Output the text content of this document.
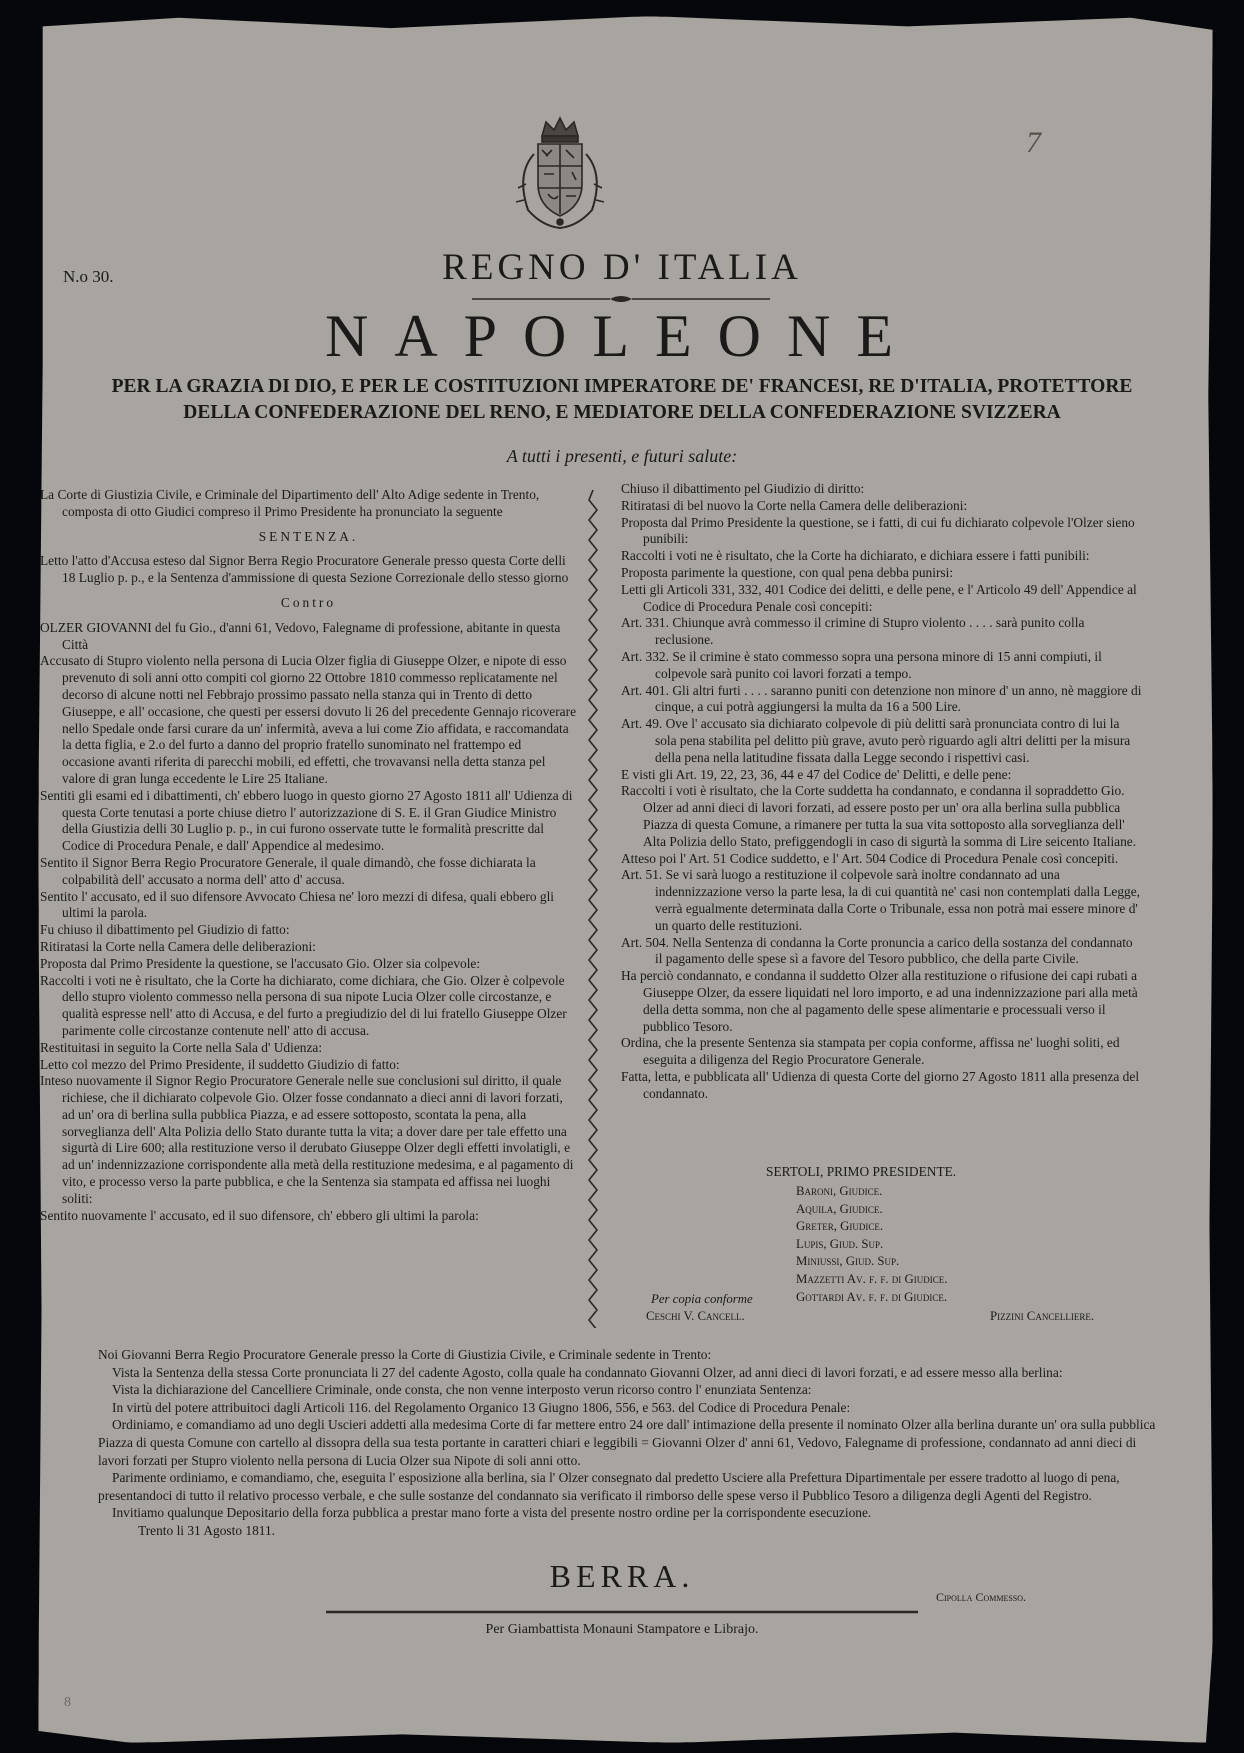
N.o 30.
7
REGNO D' ITALIA
NAPOLEONE
PER LA GRAZIA DI DIO, E PER LE COSTITUZIONI IMPERATORE DE' FRANCESI, RE D'ITALIA, PROTETTORE
DELLA CONFEDERAZIONE DEL RENO, E MEDIATORE DELLA CONFEDERAZIONE SVIZZERA
A tutti i presenti, e futuri salute:
La Corte di Giustizia Civile, e Criminale del Dipartimento dell' Alto Adige sedente in Trento, composta di otto Giudici compreso il Primo Presidente ha pronunciato la seguente
SENTENZA.
Letto l'atto d'Accusa esteso dal Signor Berra Regio Procuratore Generale presso questa Corte delli 18 Luglio p. p., e la Sentenza d'ammissione di questa Sezione Correzionale dello stesso giorno
Contro
OLZER GIOVANNI del fu Gio., d'anni 61, Vedovo, Falegname di professione, abitante in questa Città
Accusato di Stupro violento nella persona di Lucia Olzer figlia di Giuseppe Olzer, e nipote di esso prevenuto di soli anni otto compiti col giorno 22 Ottobre 1810 commesso replicatamente nel decorso di alcune notti nel Febbrajo prossimo passato nella stanza qui in Trento di detto Giuseppe, e all' occasione, che questi per essersi dovuto li 26 del precedente Gennajo ricoverare nello Spedale onde farsi curare da un' infermità, aveva a lui come Zio affidata, e raccomandata la detta figlia, e 2.o del furto a danno del proprio fratello sunominato nel frattempo ed occasione avanti riferita di parecchi mobili, ed effetti, che trovavansi nella detta stanza pel valore di gran lunga eccedente le Lire 25 Italiane.
Sentiti gli esami ed i dibattimenti, ch' ebbero luogo in questo giorno 27 Agosto 1811 all' Udienza di questa Corte tenutasi a porte chiuse dietro l' autorizzazione di S. E. il Gran Giudice Ministro della Giustizia delli 30 Luglio p. p., in cui furono osservate tutte le formalità prescritte dal Codice di Procedura Penale, e dall' Appendice al medesimo.
Sentito il Signor Berra Regio Procuratore Generale, il quale dimandò, che fosse dichiarata la colpabilità dell' accusato a norma dell' atto d' accusa.
Sentito l' accusato, ed il suo difensore Avvocato Chiesa ne' loro mezzi di difesa, quali ebbero gli ultimi la parola.
Fu chiuso il dibattimento pel Giudizio di fatto:
Ritiratasi la Corte nella Camera delle deliberazioni:
Proposta dal Primo Presidente la questione, se l'accusato Gio. Olzer sia colpevole:
Raccolti i voti ne è risultato, che la Corte ha dichiarato, come dichiara, che Gio. Olzer è colpevole dello stupro violento commesso nella persona di sua nipote Lucia Olzer colle circostanze, e qualità espresse nell' atto di Accusa, e del furto a pregiudizio del di lui fratello Giuseppe Olzer parimente colle circostanze contenute nell' atto di accusa.
Restituitasi in seguito la Corte nella Sala d' Udienza:
Letto col mezzo del Primo Presidente, il suddetto Giudizio di fatto:
Inteso nuovamente il Signor Regio Procuratore Generale nelle sue conclusioni sul diritto, il quale richiese, che il dichiarato colpevole Gio. Olzer fosse condannato a dieci anni di lavori forzati, ad un' ora di berlina sulla pubblica Piazza, e ad essere sottoposto, scontata la pena, alla sorveglianza dell' Alta Polizia dello Stato durante tutta la vita; a dover dare per tale effetto una sigurtà di Lire 600; alla restituzione verso il derubato Giuseppe Olzer degli effetti involatigli, e ad un' indennizzazione corrispondente alla metà della restituzione medesima, e al pagamento di vito, e processo verso la parte pubblica, e che la Sentenza sia stampata ed affissa nei luoghi soliti:
Sentito nuovamente l' accusato, ed il suo difensore, ch' ebbero gli ultimi la parola:
Chiuso il dibattimento pel Giudizio di diritto:
Ritiratasi di bel nuovo la Corte nella Camera delle deliberazioni:
Proposta dal Primo Presidente la questione, se i fatti, di cui fu dichiarato colpevole l'Olzer sieno punibili:
Raccolti i voti ne è risultato, che la Corte ha dichiarato, e dichiara essere i fatti punibili:
Proposta parimente la questione, con qual pena debba punirsi:
Letti gli Articoli 331, 332, 401 Codice dei delitti, e delle pene, e l' Articolo 49 dell' Appendice al Codice di Procedura Penale così concepiti:
Art. 331. Chiunque avrà commesso il crimine di Stupro violento . . . . sarà punito colla reclusione.
Art. 332. Se il crimine è stato commesso sopra una persona minore di 15 anni compiuti, il colpevole sarà punito coi lavori forzati a tempo.
Art. 401. Gli altri furti . . . . saranno puniti con detenzione non minore d' un anno, nè maggiore di cinque, a cui potrà aggiungersi la multa da 16 a 500 Lire.
Art. 49. Ove l' accusato sia dichiarato colpevole di più delitti sarà pronunciata contro di lui la sola pena stabilita pel delitto più grave, avuto però riguardo agli altri delitti per la misura della pena nella latitudine fissata dalla Legge secondo i rispettivi casi.
E visti gli Art. 19, 22, 23, 36, 44 e 47 del Codice de' Delitti, e delle pene:
Raccolti i voti è risultato, che la Corte suddetta ha condannato, e condanna il sopraddetto Gio. Olzer ad anni dieci di lavori forzati, ad essere posto per un' ora alla berlina sulla pubblica Piazza di questa Comune, a rimanere per tutta la sua vita sottoposto alla sorveglianza dell' Alta Polizia dello Stato, prefiggendogli in caso di sigurtà la somma di Lire seicento Italiane.
Atteso poi l' Art. 51 Codice suddetto, e l' Art. 504 Codice di Procedura Penale così concepiti.
Art. 51. Se vi sarà luogo a restituzione il colpevole sarà inoltre condannato ad una indennizzazione verso la parte lesa, la di cui quantità ne' casi non contemplati dalla Legge, verrà egualmente determinata dalla Corte o Tribunale, essa non potrà mai essere minore d' un quarto delle restituzioni.
Art. 504. Nella Sentenza di condanna la Corte pronuncia a carico della sostanza del condannato il pagamento delle spese sì a favore del Tesoro pubblico, che della parte Civile.
Ha perciò condannato, e condanna il suddetto Olzer alla restituzione o rifusione dei capi rubati a Giuseppe Olzer, da essere liquidati nel loro importo, e ad una indennizzazione pari alla metà della detta somma, non che al pagamento delle spese alimentarie e processuali verso il pubblico Tesoro.
Ordina, che la presente Sentenza sia stampata per copia conforme, affissa ne' luoghi soliti, ed eseguita a diligenza del Regio Procuratore Generale.
Fatta, letta, e pubblicata all' Udienza di questa Corte del giorno 27 Agosto 1811 alla presenza del condannato.
SERTOLI, PRIMO PRESIDENTE.
Baroni, Giudice.
Aquila, Giudice.
Greter, Giudice.
Lupis, Giud. Sup.
Miniussi, Giud. Sup.
Mazzetti Av. f. f. di Giudice.
Gottardi Av. f. f. di Giudice.
Per copia conforme
Ceschi V. Cancell.	Pizzini Cancelliere.

Noi Giovanni Berra Regio Procuratore Generale presso la Corte di Giustizia Civile, e Criminale sedente in Trento:

Vista la Sentenza della stessa Corte pronunciata li 27 del cadente Agosto, colla quale ha condannato Giovanni Olzer, ad anni dieci di lavori forzati, e ad essere messo alla berlina:

Vista la dichiarazione del Cancelliere Criminale, onde consta, che non venne interposto verun ricorso contro l' enunziata Sentenza:

In virtù del potere attribuitoci dagli Articoli 116. del Regolamento Organico 13 Giugno 1806, 556, e 563. del Codice di Procedura Penale:

Ordiniamo, e comandiamo ad uno degli Uscieri addetti alla medesima Corte di far mettere entro 24 ore dall' intimazione della presente il nominato Olzer alla berlina durante un' ora sulla pubblica Piazza di questa Comune con cartello al dissopra della sua testa portante in caratteri chiari e leggibili = Giovanni Olzer d' anni 61, Vedovo, Falegname di professione, condannato ad anni dieci di lavori forzati per Stupro violento nella persona di Lucia Olzer sua Nipote di soli anni otto.

Parimente ordiniamo, e comandiamo, che, eseguita l' esposizione alla berlina, sia l' Olzer consegnato dal predetto Usciere alla Prefettura Dipartimentale per essere tradotto al luogo di pena, presentandoci di tutto il relativo processo verbale, e che sulle sostanze del condannato sia verificato il rimborso delle spese verso il Pubblico Tesoro a diligenza degli Agenti del Registro.

Invitiamo qualunque Depositario della forza pubblica a prestar mano forte a vista del presente nostro ordine per la corrispondente esecuzione.

Trento li 31 Agosto 1811.

BERRA.
Cipolla Commesso.
Per Giambattista Monauni Stampatore e Librajo.
8
